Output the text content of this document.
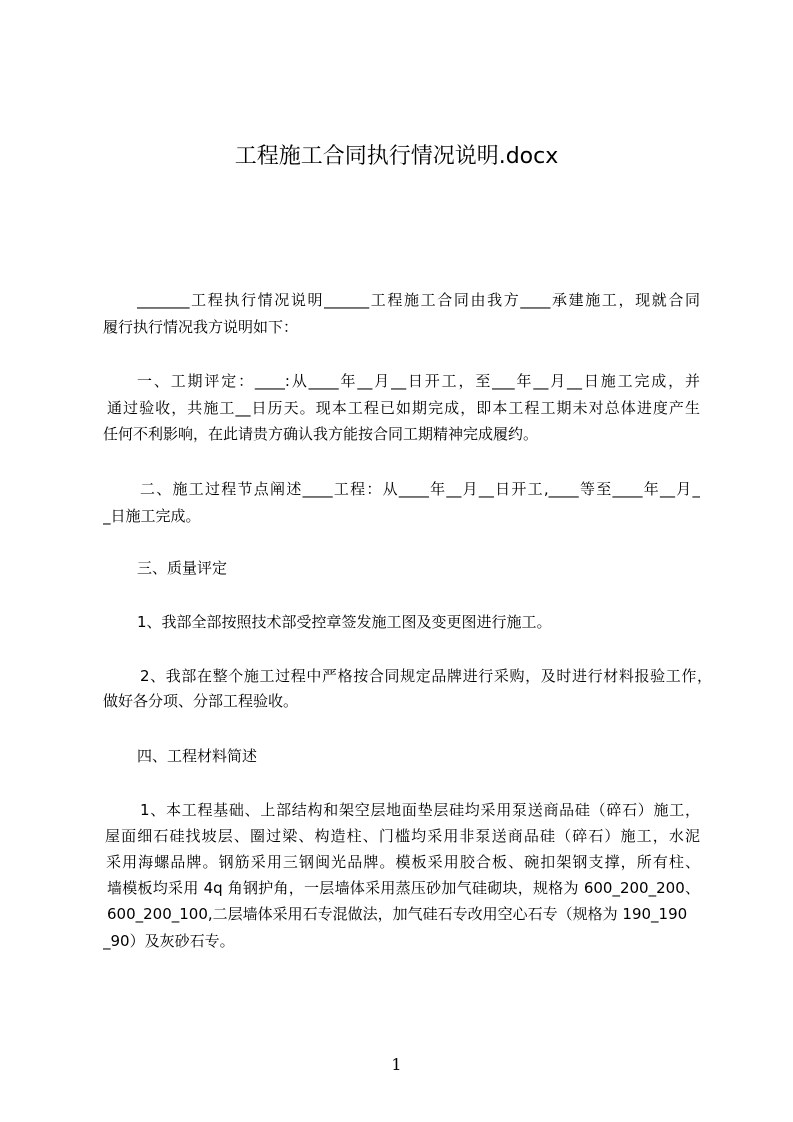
工程施工合同执行情况说明.docx
_______工程执行情况说明______工程施工合同由我方____承建施工，现就合同
履行执行情况我方说明如下：
一、工期评定：____:从____年__月__日开工，至___年__月__日施工完成，并
通过验收，共施工__日历天。现本工程已如期完成，即本工程工期未对总体进度产生
任何不利影响，在此请贵方确认我方能按合同工期精神完成履约。
二、施工过程节点阐述____工程：从____年__月__日开工,____等至____年__月_
_日施工完成。
三、质量评定
1、我部全部按照技术部受控章签发施工图及变更图进行施工。
2、我部在整个施工过程中严格按合同规定品牌进行采购，及时进行材料报验工作，
做好各分项、分部工程验收。
四、工程材料简述
1、本工程基础、上部结构和架空层地面垫层硅均采用泵送商品硅（碎石）施工，
屋面细石硅找坡层、圈过梁、构造柱、门槛均采用非泵送商品硅（碎石）施工，水泥
采用海螺品牌。钢筋采用三钢闽光品牌。模板采用胶合板、碗扣架钢支撑，所有柱、
墙模板均采用 4q 角钢护角，一层墙体采用蒸压砂加气硅砌块，规格为 600_200_200、
600_200_100,二层墙体采用石专混做法，加气硅石专改用空心石专（规格为 190_190
_90）及灰砂石专。
1
